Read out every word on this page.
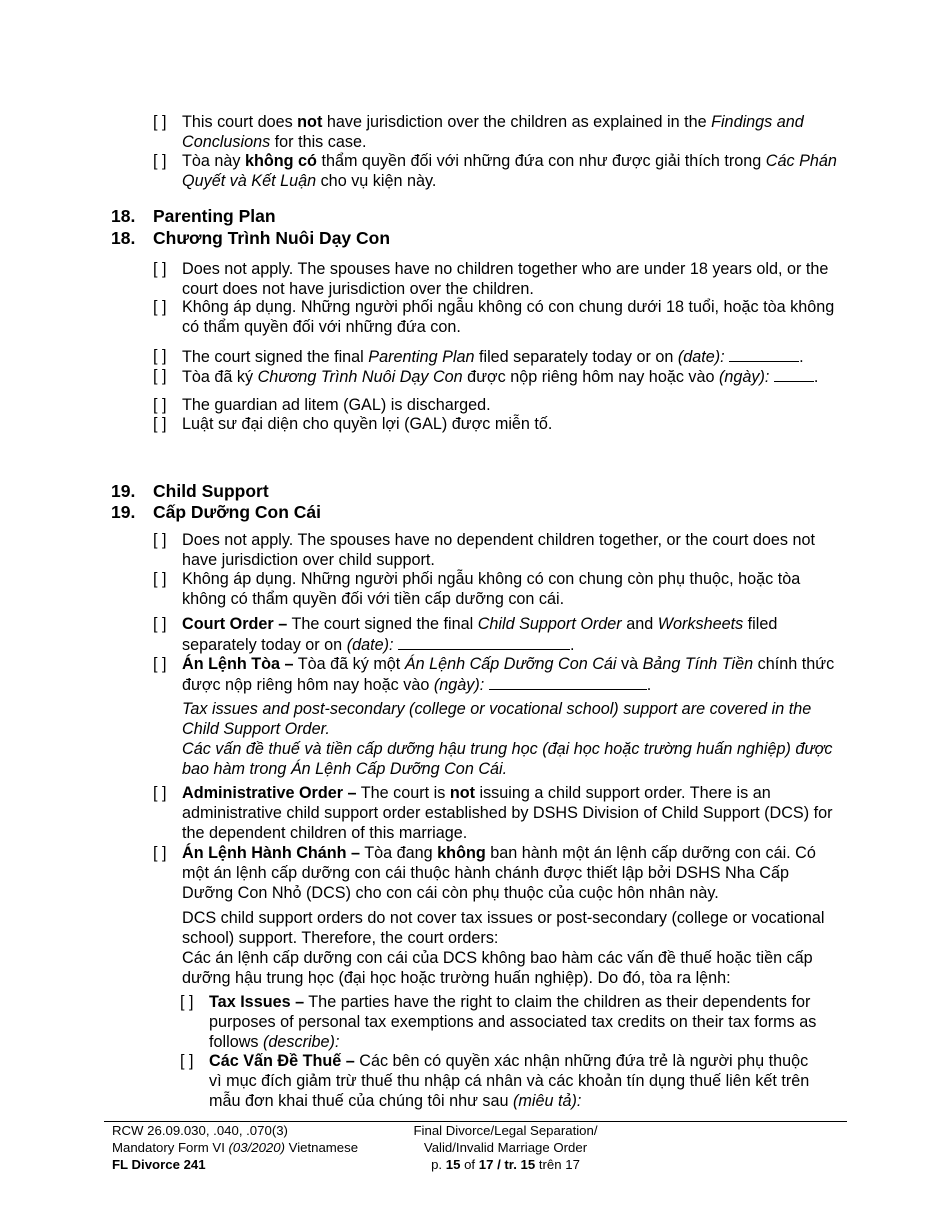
[ ] This court does not have jurisdiction over the children as explained in the Findings and Conclusions for this case.
[ ] Tòa này không có thẩm quyền đối với những đứa con như được giải thích trong Các Phán Quyết và Kết Luận cho vụ kiện này.
18. Parenting Plan
18. Chương Trình Nuôi Dạy Con
[ ] Does not apply. The spouses have no children together who are under 18 years old, or the court does not have jurisdiction over the children.
[ ] Không áp dụng. Những người phối ngẫu không có con chung dưới 18 tuổi, hoặc tòa không có thẩm quyền đối với những đứa con.
[ ] The court signed the final Parenting Plan filed separately today or on (date):	.
[ ] Tòa đã ký Chương Trình Nuôi Dạy Con được nộp riêng hôm nay hoặc vào (ngày):	.
[ ] The guardian ad litem (GAL) is discharged.
[ ] Luật sư đại diện cho quyền lợi (GAL) được miễn tố.
19. Child Support
19. Cấp Dưỡng Con Cái
[ ] Does not apply. The spouses have no dependent children together, or the court does not have jurisdiction over child support.
[ ] Không áp dụng. Những người phối ngẫu không có con chung còn phụ thuộc, hoặc tòa không có thẩm quyền đối với tiền cấp dưỡng con cái.
[ ] Court Order – The court signed the final Child Support Order and Worksheets filed separately today or on (date):	.
[ ] Án Lệnh Tòa – Tòa đã ký một Án Lệnh Cấp Dưỡng Con Cái và Bảng Tính Tiền chính thức được nộp riêng hôm nay hoặc vào (ngày):	.
Tax issues and post-secondary (college or vocational school) support are covered in the Child Support Order.
Các vấn đề thuế và tiền cấp dưỡng hậu trung học (đại học hoặc trường huấn nghiệp) được bao hàm trong Án Lệnh Cấp Dưỡng Con Cái.
[ ] Administrative Order – The court is not issuing a child support order. There is an administrative child support order established by DSHS Division of Child Support (DCS) for the dependent children of this marriage.
[ ] Án Lệnh Hành Chánh – Tòa đang không ban hành một án lệnh cấp dưỡng con cái. Có một án lệnh cấp dưỡng con cái thuộc hành chánh được thiết lập bởi DSHS Nha Cấp Dưỡng Con Nhỏ (DCS) cho con cái còn phụ thuộc của cuộc hôn nhân này.
DCS child support orders do not cover tax issues or post-secondary (college or vocational school) support. Therefore, the court orders:
Các án lệnh cấp dưỡng con cái của DCS không bao hàm các vấn đề thuế hoặc tiền cấp dưỡng hậu trung học (đại học hoặc trường huấn nghiệp). Do đó, tòa ra lệnh:
[ ] Tax Issues – The parties have the right to claim the children as their dependents for purposes of personal tax exemptions and associated tax credits on their tax forms as follows (describe):
[ ] Các Vấn Đề Thuế – Các bên có quyền xác nhận những đứa trẻ là người phụ thuộc vì mục đích giảm trừ thuế thu nhập cá nhân và các khoản tín dụng thuế liên kết trên mẫu đơn khai thuế của chúng tôi như sau (miêu tả):
RCW 26.09.030, .040, .070(3)
Mandatory Form VI (03/2020) Vietnamese
FL Divorce 241
Final Divorce/Legal Separation/
Valid/Invalid Marriage Order
p. 15 of 17 / tr. 15 trên 17
